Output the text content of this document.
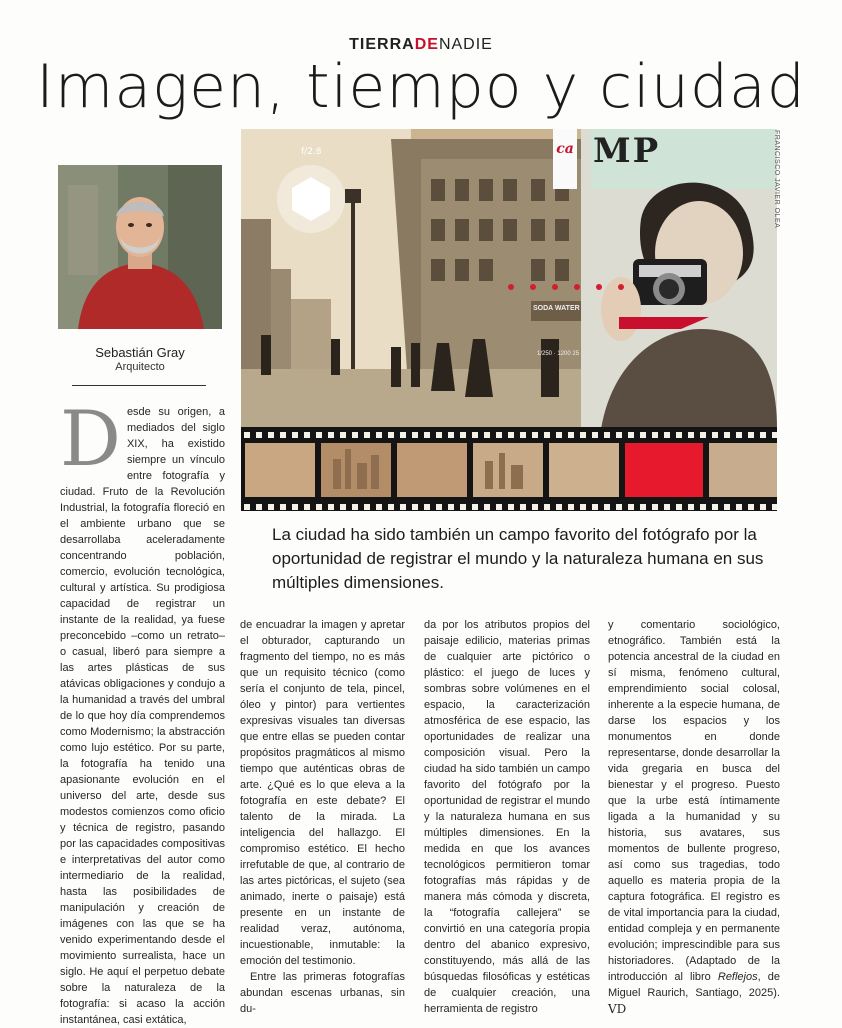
TIERRADENADIE
Imagen, tiempo y ciudad
Sebastián Gray
Arquitecto
f/2.8	ca MP
SODA WATER
1/250 · 1200 25
FRANCISCO JAVIER OLEA
La ciudad ha sido también un campo favorito del fotógrafo por la oportunidad de registrar el mundo y la naturaleza humana en sus múltiples dimensiones.

Desde su origen, a mediados del siglo XIX, ha existido siempre un vínculo entre fotografía y ciudad. Fruto de la Revolución Industrial, la fotografía floreció en el ambiente urbano que se desarrollaba aceleradamente concentrando población, comercio, evolución tecnológica, cultural y artística. Su prodigiosa capacidad de registrar un instante de la realidad, ya fuese preconcebido –como un retrato– o casual, liberó para siempre a las artes plásticas de sus atávicas obligaciones y condujo a la humanidad a través del umbral de lo que hoy día comprendemos como Modernismo; la abstracción como lujo estético. Por su parte, la fotografía ha tenido una apasionante evolución en el universo del arte, desde sus modestos comienzos como oficio y técnica de registro, pasando por las capacidades compositivas e interpretativas del autor como intermediario de la realidad, hasta las posibilidades de manipulación y creación de imágenes con las que se ha venido experimentando desde el movimiento surrealista, hace un siglo. He aquí el perpetuo debate sobre la naturaleza de la fotografía: si acaso la acción instantánea, casi extática,

de encuadrar la imagen y apretar el obturador, capturando un fragmento del tiempo, no es más que un requisito técnico (como sería el conjunto de tela, pincel, óleo y pintor) para vertientes expresivas visuales tan diversas que entre ellas se pueden contar propósitos pragmáticos al mismo tiempo que auténticas obras de arte. ¿Qué es lo que eleva a la fotografía en este debate? El talento de la mirada. La inteligencia del hallazgo. El compromiso estético. El hecho irrefutable de que, al contrario de las artes pictóricas, el sujeto (sea animado, inerte o paisaje) está presente en un instante de realidad veraz, autónoma, incuestionable, inmutable: la emoción del testimonio.

Entre las primeras fotografías abundan escenas urbanas, sin du-

da por los atributos propios del paisaje edilicio, materias primas de cualquier arte pictórico o plástico: el juego de luces y sombras sobre volúmenes en el espacio, la caracterización atmosférica de ese espacio, las oportunidades de realizar una composición visual. Pero la ciudad ha sido también un campo favorito del fotógrafo por la oportunidad de registrar el mundo y la naturaleza humana en sus múltiples dimensiones. En la medida en que los avances tecnológicos permitieron tomar fotografías más rápidas y de manera más cómoda y discreta, la “fotografía callejera” se convirtió en una categoría propia dentro del abanico expresivo, constituyendo, más allá de las búsquedas filosóficas y estéticas de cualquier creación, una herramienta de registro

y comentario sociológico, etnográfico. También está la potencia ancestral de la ciudad en sí misma, fenómeno cultural, emprendimiento social colosal, inherente a la especie humana, de darse los espacios y los monumentos en donde representarse, donde desarrollar la vida gregaria en busca del bienestar y el progreso. Puesto que la urbe está íntimamente ligada a la humanidad y su historia, sus avatares, sus momentos de bullente progreso, así como sus tragedias, todo aquello es materia propia de la captura fotográfica. El registro es de vital importancia para la ciudad, entidad compleja y en permanente evolución; imprescindible para sus historiadores. (Adaptado de la introducción al libro Reflejos, de Miguel Raurich, Santiago, 2025). VD
